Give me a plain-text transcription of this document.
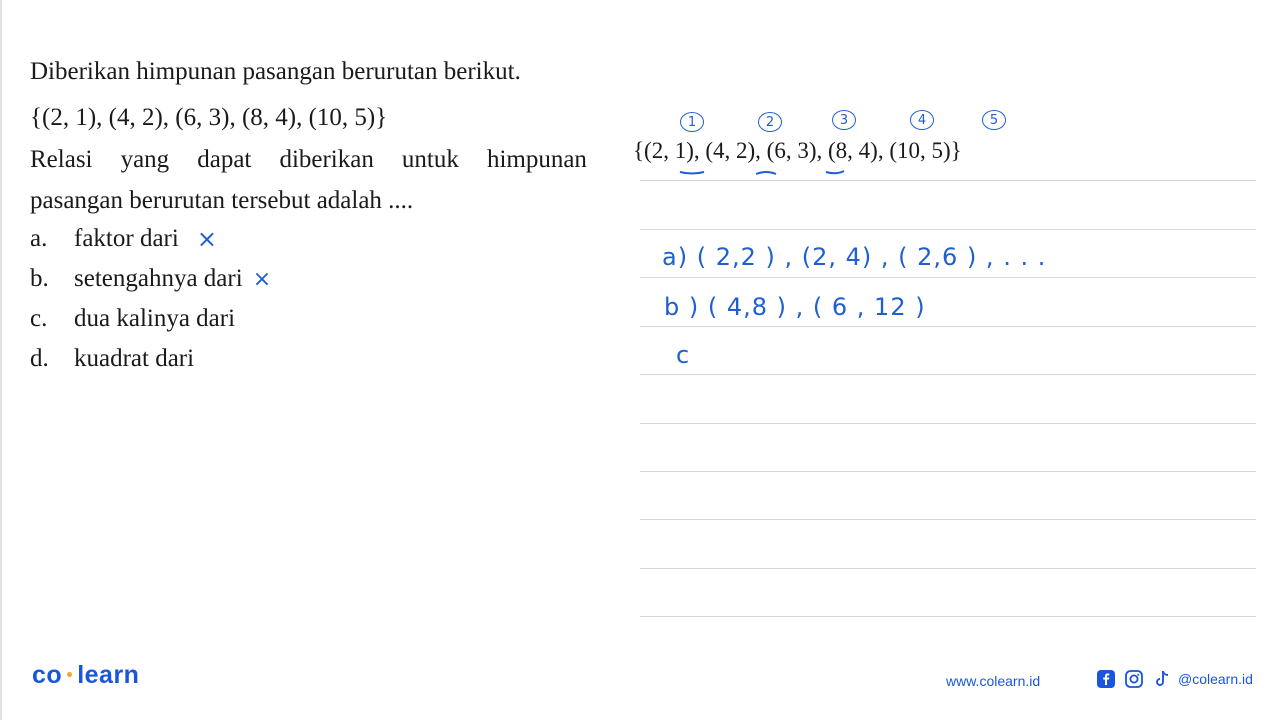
Diberikan himpunan pasangan berurutan berikut.
{(2, 1), (4, 2), (6, 3), (8, 4), (10, 5)}
Relasi yang dapat diberikan untuk himpunan
pasangan berurutan tersebut adalah ....
a.	faktor dari ×
b.	setengahnya dari ×
c.	dua kalinya dari
d.	kuadrat dari
1	2	3	4	5
{(2, 1), (4, 2), (6, 3), (8, 4), (10, 5)}
a) ( 2,2 ) , (2, 4) , ( 2,6 ) , . . .
b ) ( 4,8 ) , ( 6 , 12 )
c
co learn	www.colearn.id	@colearn.id
